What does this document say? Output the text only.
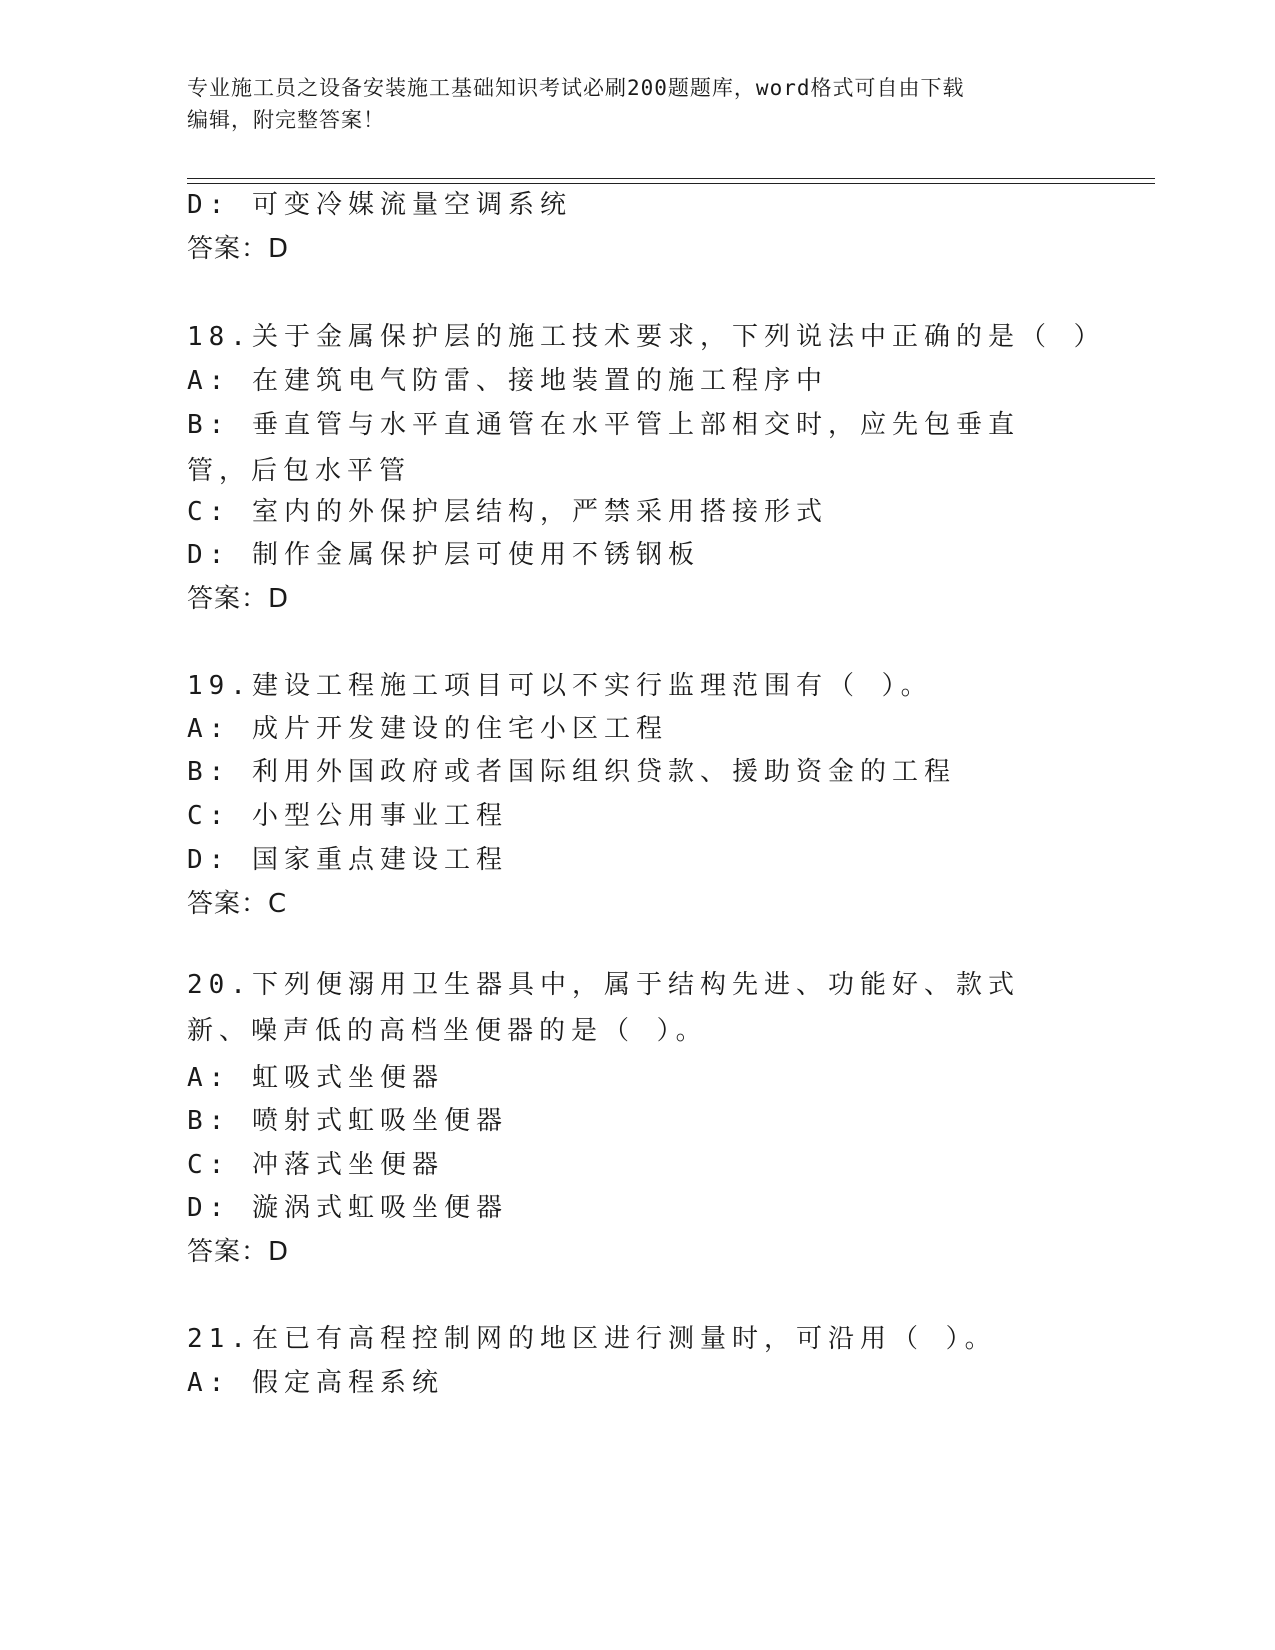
专业施工员之设备安装施工基础知识考试必刷200题题库，word格式可自由下载
编辑，附完整答案！
D: 可变冷媒流量空调系统
答案：D
18.关于金属保护层的施工技术要求，下列说法中正确的是（ ）
A: 在建筑电气防雷、接地装置的施工程序中
B: 垂直管与水平直通管在水平管上部相交时，应先包垂直管，后包水平管
C: 室内的外保护层结构，严禁采用搭接形式
D: 制作金属保护层可使用不锈钢板
答案：D
19.建设工程施工项目可以不实行监理范围有（ ）。
A: 成片开发建设的住宅小区工程
B: 利用外国政府或者国际组织贷款、援助资金的工程
C: 小型公用事业工程
D: 国家重点建设工程
答案：C
20.下列便溺用卫生器具中，属于结构先进、功能好、款式新、噪声低的高档坐便器的是（ ）。
A: 虹吸式坐便器
B: 喷射式虹吸坐便器
C: 冲落式坐便器
D: 漩涡式虹吸坐便器
答案：D
21.在已有高程控制网的地区进行测量时，可沿用（ ）。
A: 假定高程系统
